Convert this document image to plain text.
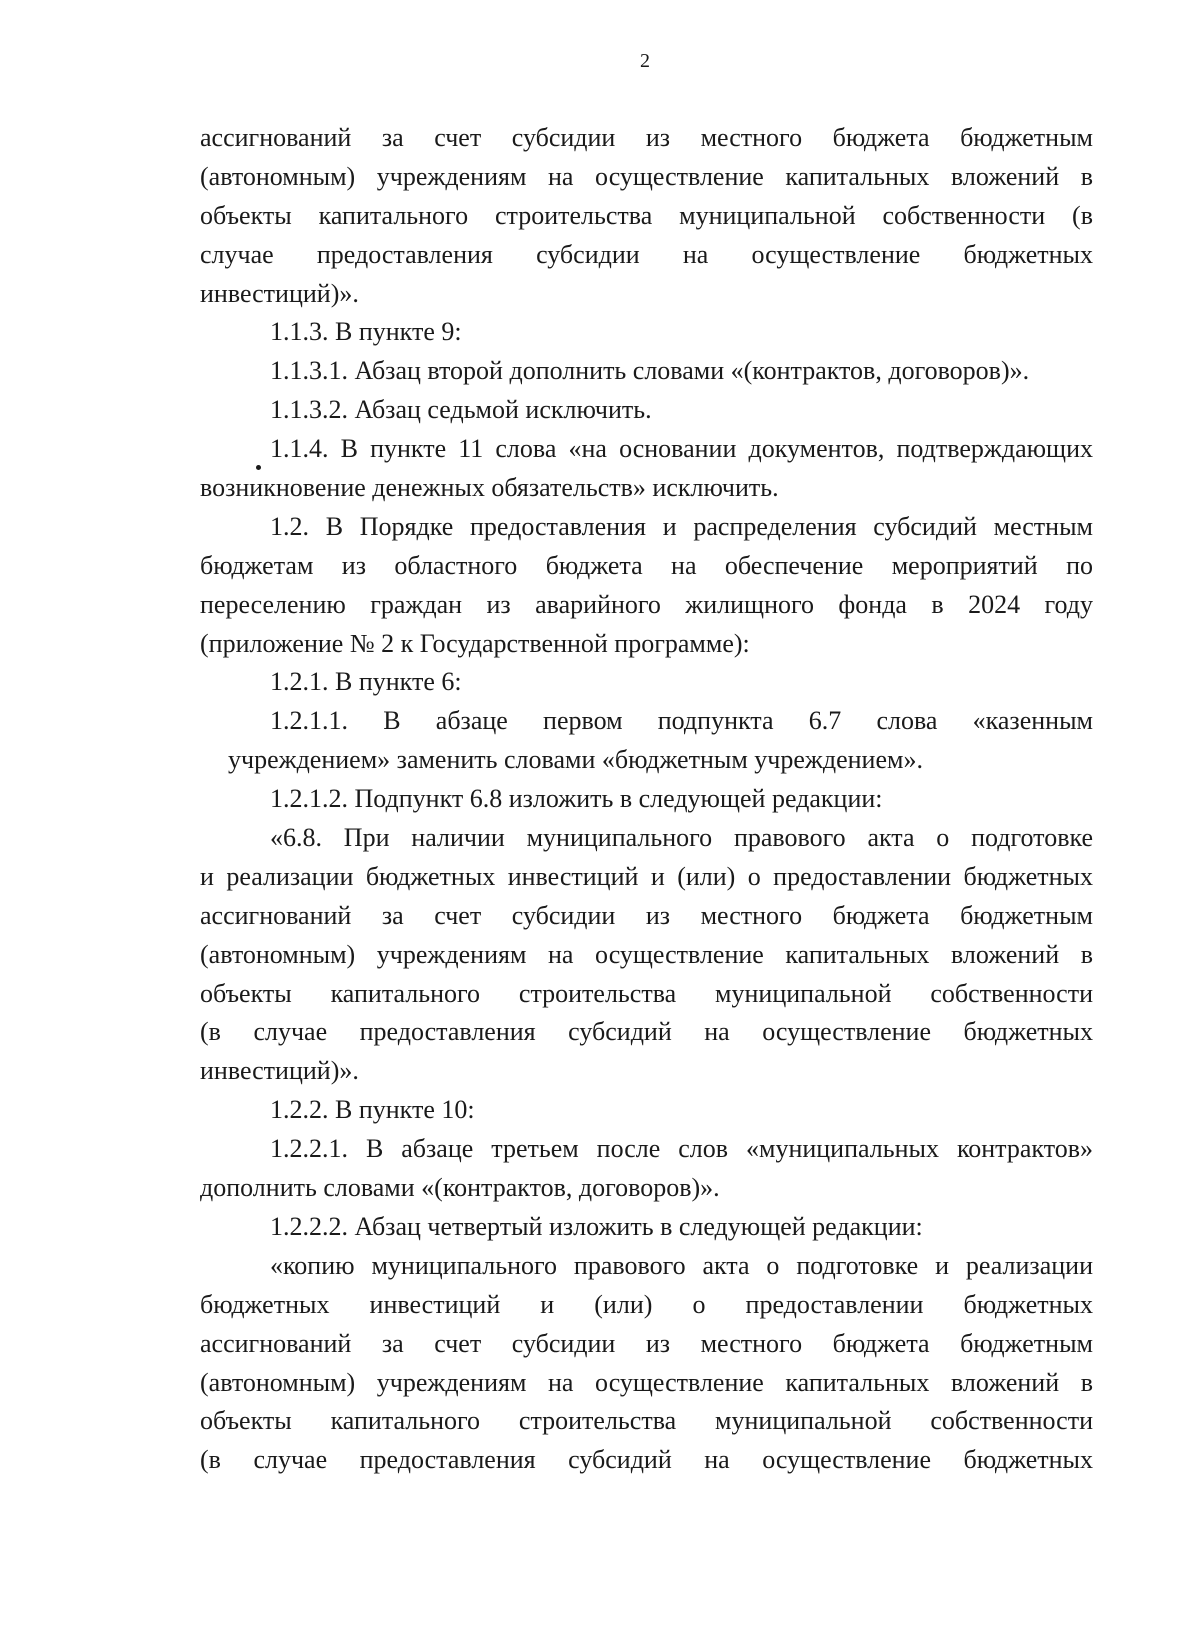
2
ассигнований за счет субсидии из местного бюджета бюджетным
(автономным) учреждениям на осуществление капитальных вложений в
объекты капитального строительства муниципальной собственности (в
случае предоставления субсидии на осуществление бюджетных
инвестиций)».
1.1.3. В пункте 9:
1.1.3.1. Абзац второй дополнить словами «(контрактов, договоров)».
1.1.3.2. Абзац седьмой исключить.
1.1.4. В пункте 11 слова «на основании документов, подтверждающих
возникновение денежных обязательств» исключить.
1.2. В Порядке предоставления и распределения субсидий местным
бюджетам из областного бюджета на обеспечение мероприятий по
переселению граждан из аварийного жилищного фонда в 2024 году
(приложение № 2 к Государственной программе):
1.2.1. В пункте 6:
1.2.1.1. В абзаце первом подпункта 6.7 слова «казенным
учреждением» заменить словами «бюджетным учреждением».
1.2.1.2. Подпункт 6.8 изложить в следующей редакции:
«6.8. При наличии муниципального правового акта о подготовке
и реализации бюджетных инвестиций и (или) о предоставлении бюджетных
ассигнований за счет субсидии из местного бюджета бюджетным
(автономным) учреждениям на осуществление капитальных вложений в
объекты капитального строительства муниципальной собственности
(в случае предоставления субсидий на осуществление бюджетных
инвестиций)».
1.2.2. В пункте 10:
1.2.2.1. В абзаце третьем после слов «муниципальных контрактов»
дополнить словами «(контрактов, договоров)».
1.2.2.2. Абзац четвертый изложить в следующей редакции:
«копию муниципального правового акта о подготовке и реализации
бюджетных инвестиций и (или) о предоставлении бюджетных
ассигнований за счет субсидии из местного бюджета бюджетным
(автономным) учреждениям на осуществление капитальных вложений в
объекты капитального строительства муниципальной собственности
(в случае предоставления субсидий на осуществление бюджетных
